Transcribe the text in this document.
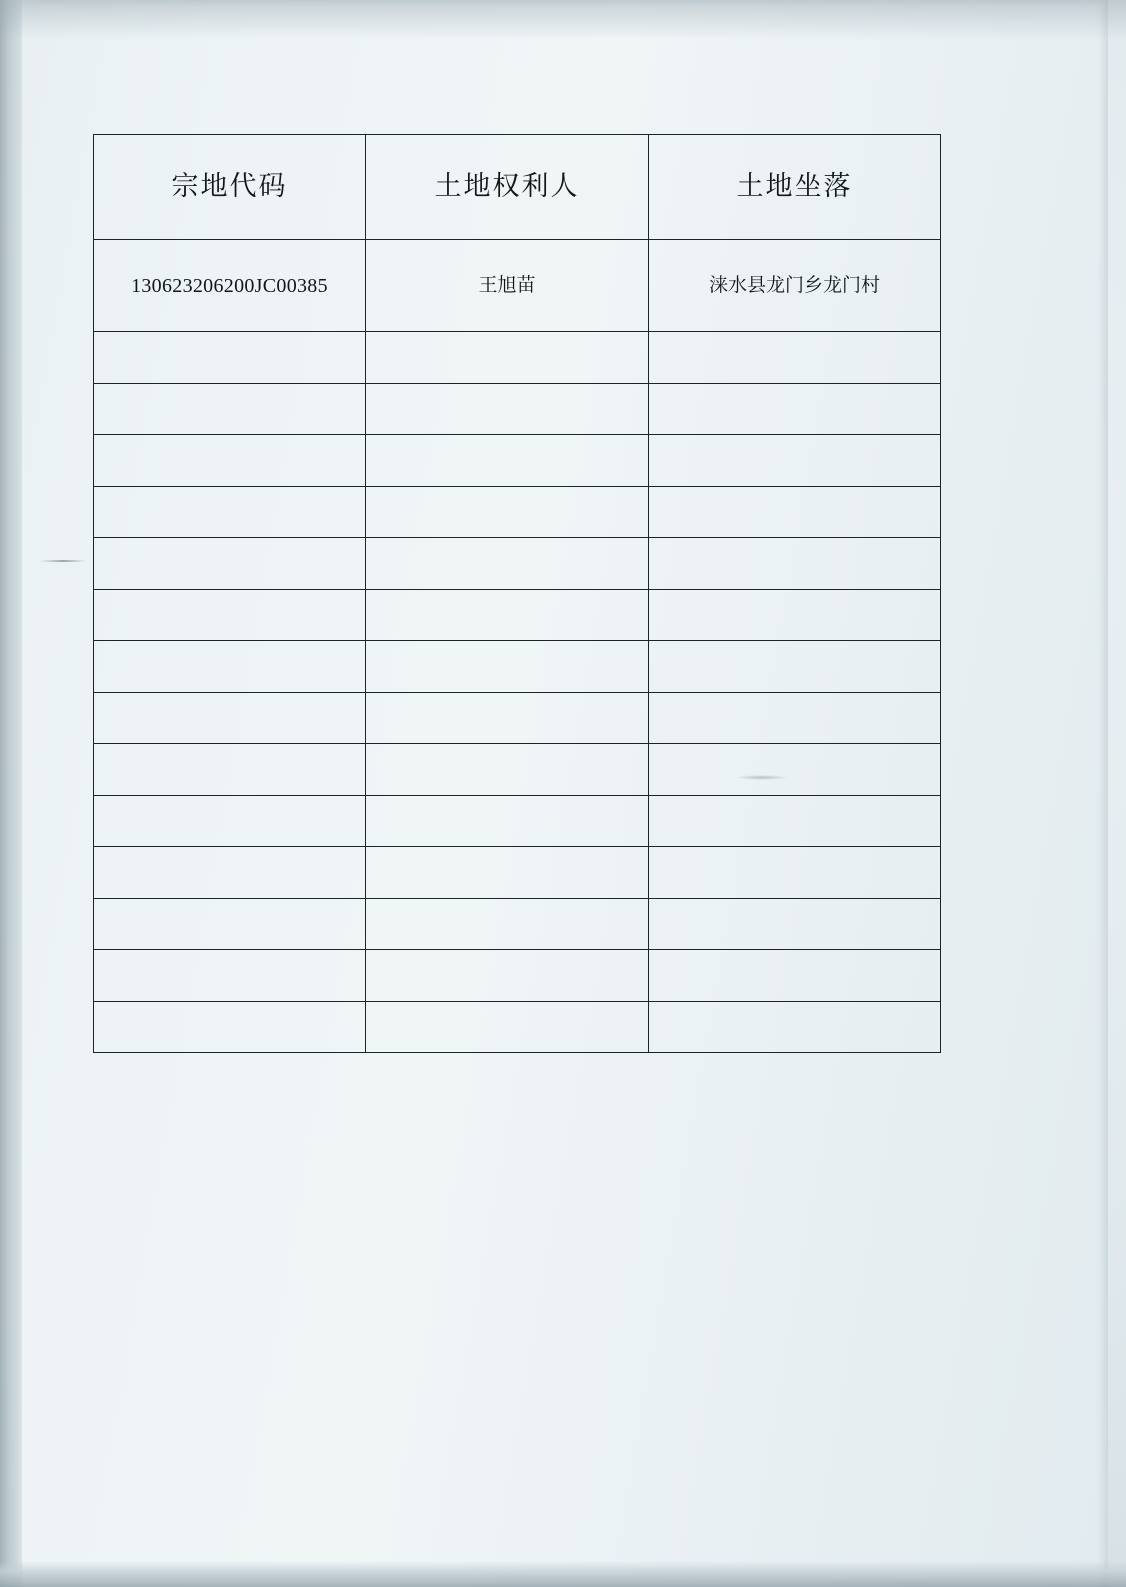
宗地代码	土地权利人	土地坐落

130623206200JC00385	王旭苗	涞水县龙门乡龙门村
